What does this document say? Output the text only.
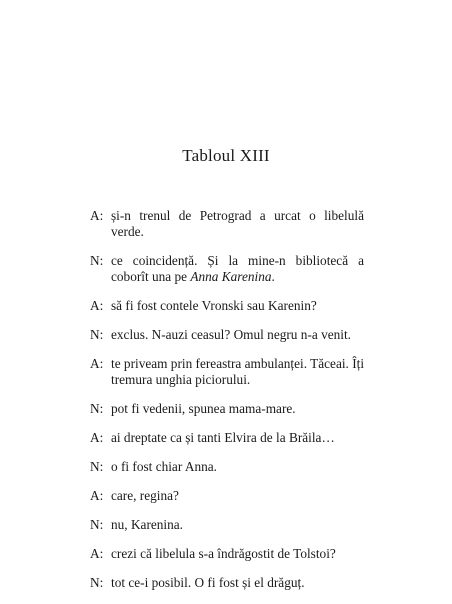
Tabloul XIII
A: și-n trenul de Petrograd a urcat o libelulă verde.
N: ce coincidență. Și la mine-n bibliotecă a coborît una pe Anna Karenina.
A: să fi fost contele Vronski sau Karenin?
N: exclus. N-auzi ceasul? Omul negru n-a venit.
A: te priveam prin fereastra ambulanței. Tăceai. Îți tremura unghia piciorului.
N: pot fi vedenii, spunea mama-mare.
A: ai dreptate ca și tanti Elvira de la Brăila…
N: o fi fost chiar Anna.
A: care, regina?
N: nu, Karenina.
A: crezi că libelula s-a îndrăgostit de Tolstoi?
N: tot ce-i posibil. O fi fost și el drăguț.
